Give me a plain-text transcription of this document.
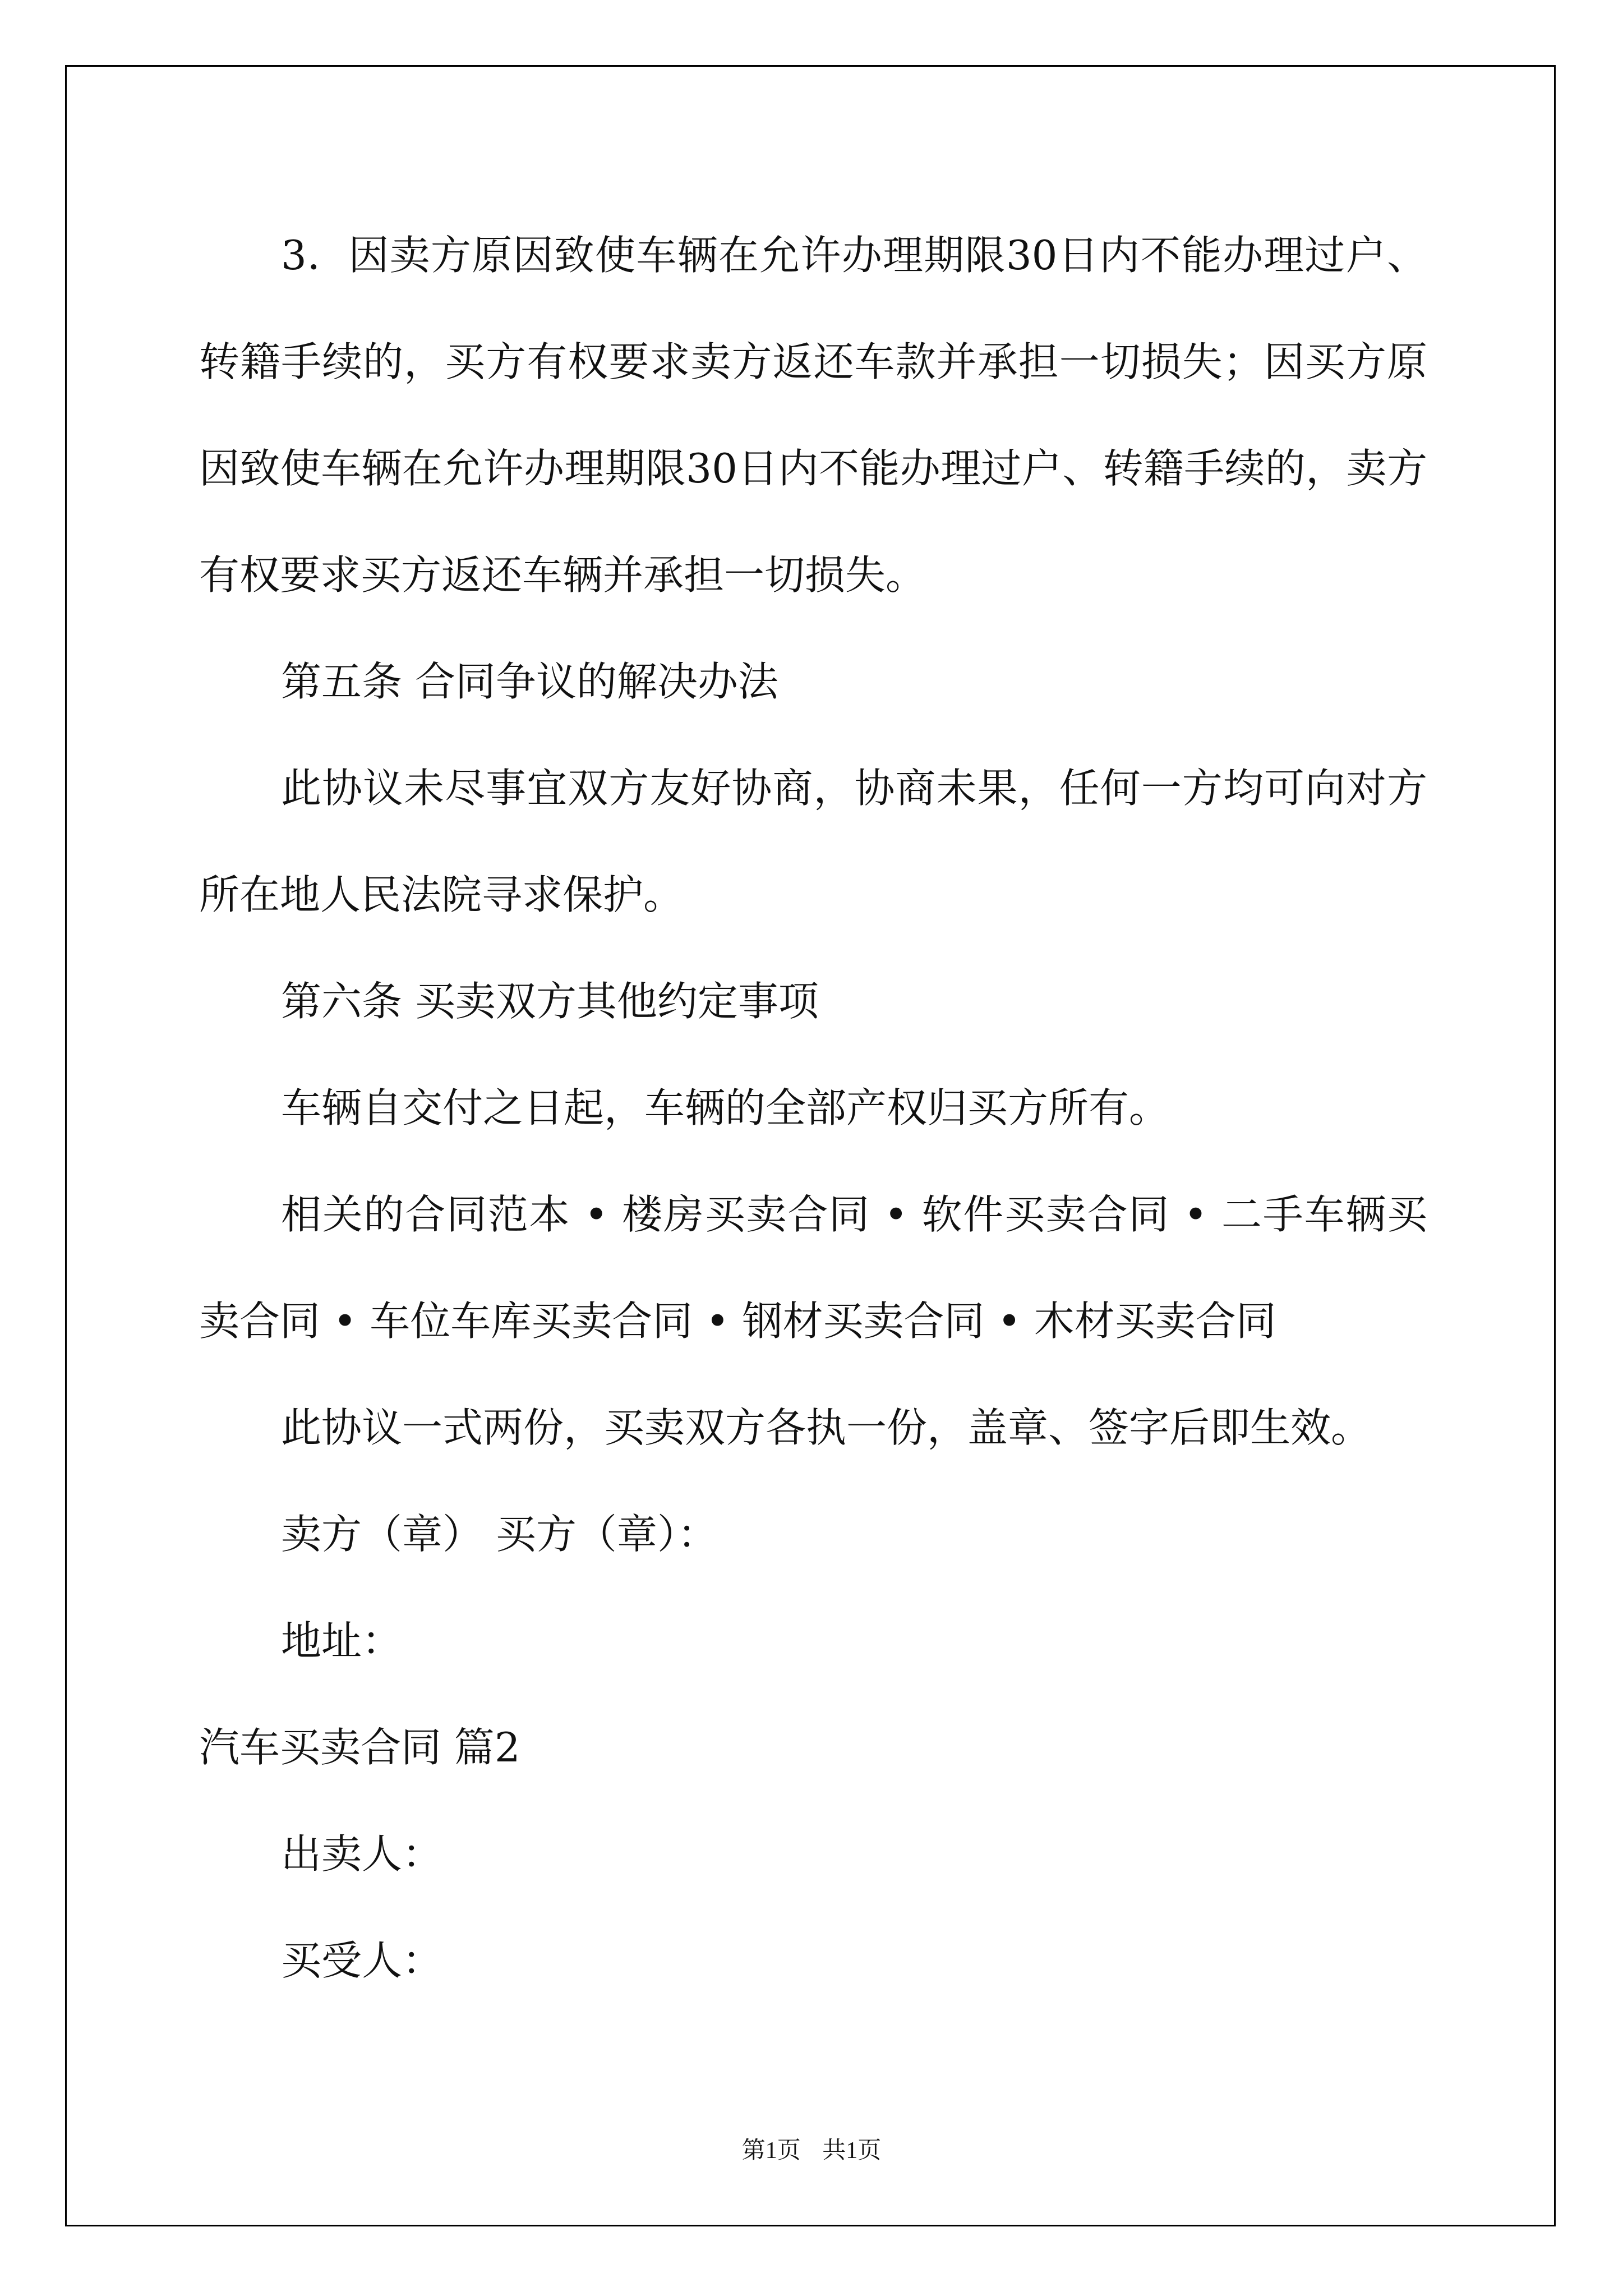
3．因卖方原因致使车辆在允许办理期限30日内不能办理过户、转籍手续的，买方有权要求卖方返还车款并承担一切损失；因买方原因致使车辆在允许办理期限30日内不能办理过户、转籍手续的，卖方有权要求买方返还车辆并承担一切损失。

第五条 合同争议的解决办法

此协议未尽事宜双方友好协商，协商未果，任何一方均可向对方所在地人民法院寻求保护。

第六条 买卖双方其他约定事项

车辆自交付之日起，车辆的全部产权归买方所有。

相关的合同范本 • 楼房买卖合同 • 软件买卖合同 • 二手车辆买卖合同 • 车位车库买卖合同 • 钢材买卖合同 • 木材买卖合同

此协议一式两份，买卖双方各执一份，盖章、签字后即生效。

卖方（章） 买方（章）：

地址：

汽车买卖合同 篇2

出卖人：

买受人：

第1页 共1页
